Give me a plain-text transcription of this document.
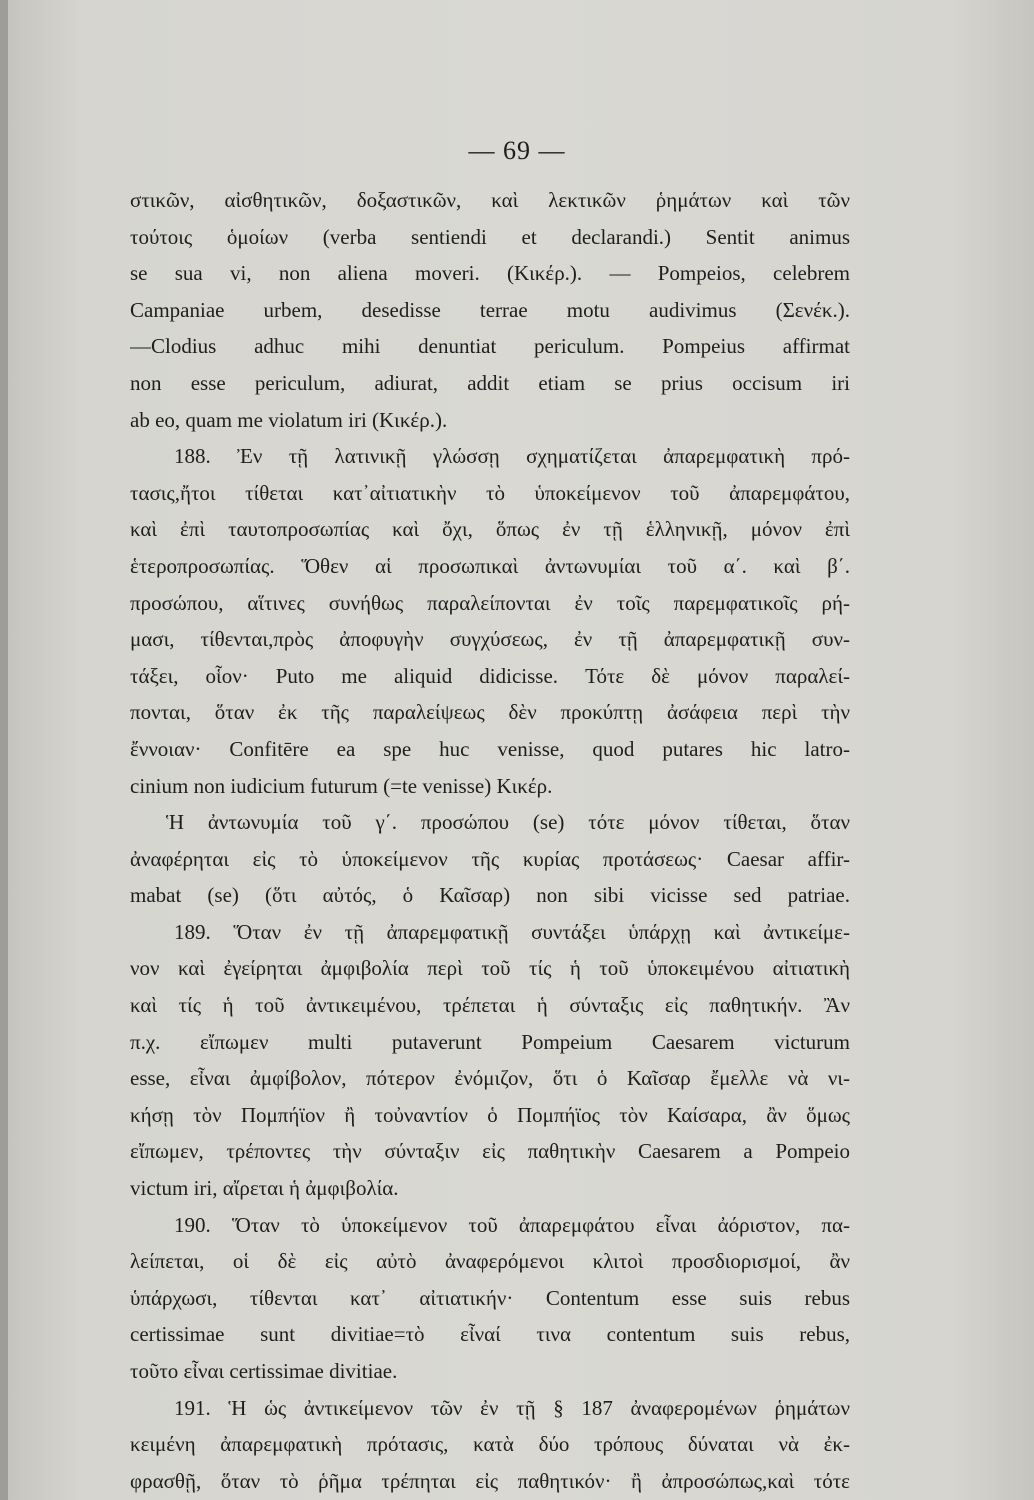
— 69 —
στικῶν, αἰσθητικῶν, δοξαστικῶν, καὶ λεκτικῶν ῥημάτων καὶ τῶν
τούτοις ὁμοίων (verba sentiendi et declarandi.) Sentit animus
se sua vi, non aliena moveri. (Κικέρ.). — Pompeios, celebrem
Campaniae urbem, desedisse terrae motu audivimus (Σενέκ.).
—Clodius adhuc mihi denuntiat periculum. Pompeius affirmat
non esse periculum, adiurat, addit etiam se prius occisum iri
ab eo, quam me violatum iri (Κικέρ.).
188. Ἐν τῇ λατινικῇ γλώσσῃ σχηματίζεται ἀπαρεμφατικὴ πρό-
τασις,ἤτοι τίθεται κατ᾽αἰτιατικὴν τὸ ὑποκείμενον τοῦ ἀπαρεμφάτου,
καὶ ἐπὶ ταυτοπροσωπίας καὶ ὄχι, ὅπως ἐν τῇ ἑλληνικῇ, μόνον ἐπὶ
ἑτεροπροσωπίας. Ὅθεν αἱ προσωπικαὶ ἀντωνυμίαι τοῦ α΄. καὶ β΄.
προσώπου, αἵτινες συνήθως παραλείπονται ἐν τοῖς παρεμφατικοῖς ρή-
μασι, τίθενται,πρὸς ἀποφυγὴν συγχύσεως, ἐν τῇ ἀπαρεμφατικῇ συν-
τάξει, οἷον· Puto me aliquid didicisse. Τότε δὲ μόνον παραλεί-
πονται, ὅταν ἐκ τῆς παραλείψεως δὲν προκύπτῃ ἀσάφεια περὶ τὴν
ἔννοιαν· Confitēre ea spe huc venisse, quod putares hic latro-
cinium non iudicium futurum (=te venisse) Κικέρ.
Ἡ ἀντωνυμία τοῦ γ΄. προσώπου (se) τότε μόνον τίθεται, ὅταν
ἀναφέρηται εἰς τὸ ὑποκείμενον τῆς κυρίας προτάσεως· Caesar affir-
mabat (se) (ὅτι αὐτός, ὁ Καῖσαρ) non sibi vicisse sed patriae.
189. Ὅταν ἐν τῇ ἀπαρεμφατικῇ συντάξει ὑπάρχῃ καὶ ἀντικείμε-
νον καὶ ἐγείρηται ἀμφιβολία περὶ τοῦ τίς ἡ τοῦ ὑποκειμένου αἰτιατικὴ
καὶ τίς ἡ τοῦ ἀντικειμένου, τρέπεται ἡ σύνταξις εἰς παθητικήν. Ἂν
π.χ. εἴπωμεν multi putaverunt Pompeium Caesarem victurum
esse, εἶναι ἀμφίβολον, πότερον ἐνόμιζον, ὅτι ὁ Καῖσαρ ἔμελλε νὰ νι-
κήσῃ τὸν Πομπήϊον ἢ τοὐναντίον ὁ Πομπήϊος τὸν Καίσαρα, ἂν ὅμως
εἴπωμεν, τρέποντες τὴν σύνταξιν εἰς παθητικὴν Caesarem a Pompeio
victum iri, αἴρεται ἡ ἀμφιβολία.
190. Ὅταν τὸ ὑποκείμενον τοῦ ἀπαρεμφάτου εἶναι ἀόριστον, πα-
λείπεται, οἱ δὲ εἰς αὐτὸ ἀναφερόμενοι κλιτοὶ προσδιορισμοί, ἂν
ὑπάρχωσι, τίθενται κατ᾽ αἰτιατικήν· Contentum esse suis rebus
certissimae sunt divitiae=τὸ εἶναί τινα contentum suis rebus,
τοῦτο εἶναι certissimae divitiae.
191. Ἡ ὡς ἀντικείμενον τῶν ἐν τῇ § 187 ἀναφερομένων ῥημάτων
κειμένη ἀπαρεμφατικὴ πρότασις, κατὰ δύο τρόπους δύναται νὰ ἐκ-
φρασθῇ, ὅταν τὸ ῥῆμα τρέπηται εἰς παθητικόν· ἢ ἀπροσώπως,καὶ τότε
